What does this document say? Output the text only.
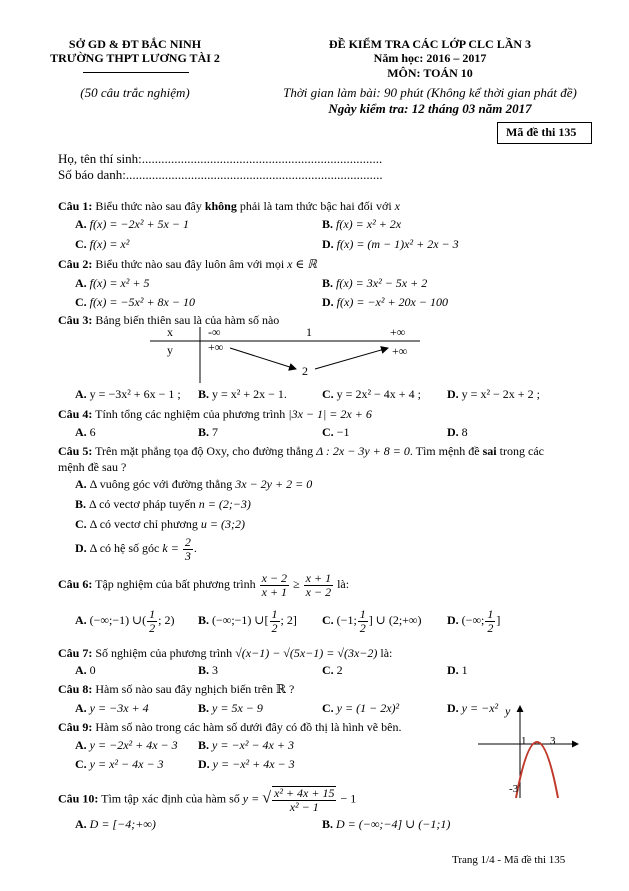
SỞ GD & ĐT BẮC NINH
TRƯỜNG THPT LƯƠNG TÀI 2
(50 câu trắc nghiệm)
ĐỀ KIỂM TRA CÁC LỚP CLC LẦN 3
Năm học: 2016 – 2017
MÔN: TOÁN 10
Thời gian làm bài: 90 phút (Không kể thời gian phát đề)
Ngày kiểm tra: 12 tháng 03 năm 2017
Mã đề thi 135
Họ, tên thí sinh:..........................................................................
Số báo danh:...............................................................................
Câu 1: Biểu thức nào sau đây không phải là tam thức bậc hai đối với x
A. f(x) = −2x² + 5x − 1	B. f(x) = x² + 2x
C. f(x) = x²	D. f(x) = (m − 1)x² + 2x − 3
Câu 2: Biểu thức nào sau đây luôn âm với mọi x ∈ ℝ
A. f(x) = x² + 5	B. f(x) = 3x² − 5x + 2
C. f(x) = −5x² + 8x − 10	D. f(x) = −x² + 20x − 100
Câu 3: Bảng biến thiên sau là của hàm số nào
x	-∞	1	+∞
y	+∞	+∞
2
A. y = −3x² + 6x − 1 ; B. y = x² + 2x − 1.	C. y = 2x² − 4x + 4 ; D. y = x² − 2x + 2 ;
Câu 4: Tính tổng các nghiệm của phương trình |3x − 1| = 2x + 6
A. 6	B. 7	C. −1	D. 8
Câu 5: Trên mặt phẳng tọa độ Oxy, cho đường thẳng Δ : 2x − 3y + 8 = 0. Tìm mệnh đề sai trong các
mệnh đề sau ?
A. Δ vuông góc với đường thẳng 3x − 2y + 2 = 0
B. Δ có vectơ pháp tuyến n = (2;−3)
C. Δ có vectơ chỉ phương u = (3;2)
D. Δ có hệ số góc $k = \frac{2}{3}$ .
Câu 6: Tập nghiệm của bất phương trình $\frac{x - 2}{x + 1} \ge \frac{x + 1}{x - 2}$ là:
A. (−∞;−1) ∪( $\frac{1}{2}$ ; 2) B. (−∞;−1) ∪[ $\frac{1}{2}$ ; 2] C. (−1; $\frac{1}{2}$ ] ∪ (2;+∞) D. (−∞; $\frac{1}{2}$ ]
Câu 7: Số nghiệm của phương trình √(x−1) − √(5x−1) = √(3x−2) là:
A. 0	B. 3	C. 2	D. 1
Câu 8: Hàm số nào sau đây nghịch biến trên ℝ ?
A. y = −3x + 4	B. y = 5x − 9	C. y = (1 − 2x)²	D. y = −x²
Câu 9: Hàm số nào trong các hàm số dưới đây có đồ thị là hình vẽ bên.
A. y = −2x² + 4x − 3 B. y = −x² − 4x + 3
C. y = x² − 4x − 3	D. y = −x² + 4x − 3
y
1 3
-3
Câu 10: Tìm tập xác định của hàm số y = √ $\frac{\text{x² + 4x + 15}}{\text{x² − 1}} - 1$
A. D = [−4;+∞)	B. D = (−∞;−4] ∪ (−1;1)
Trang 1/4 - Mã đề thi 135
